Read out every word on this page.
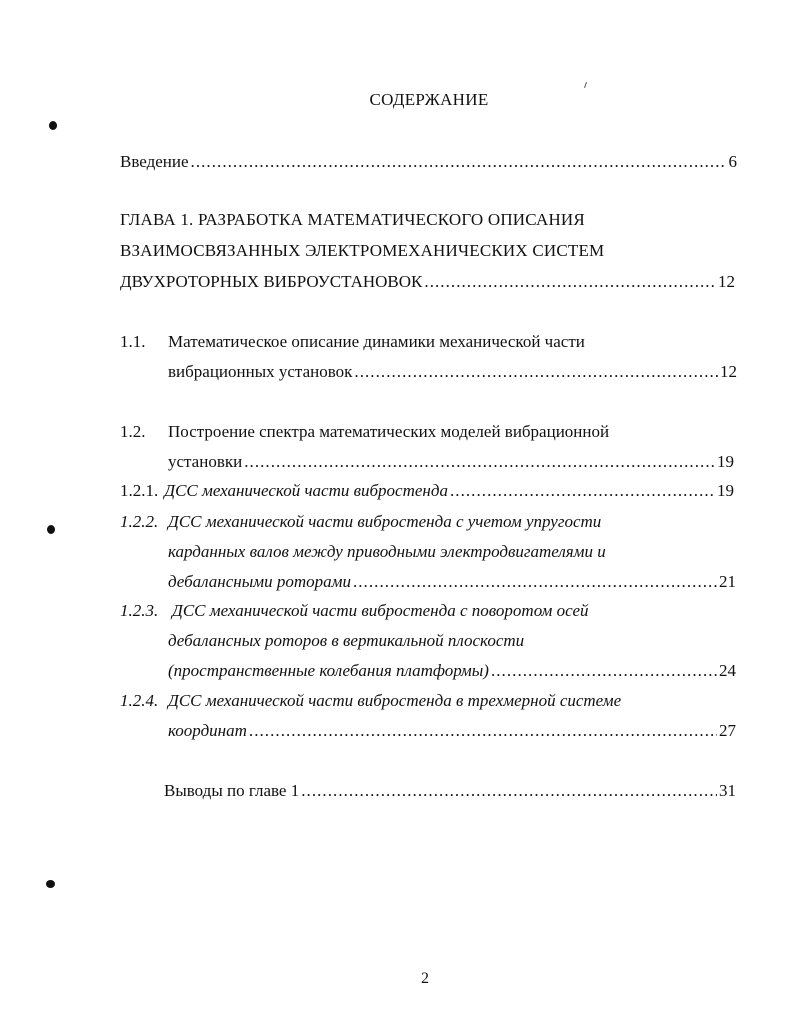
СОДЕРЖАНИЕ
Введение . . .	6
ГЛАВА 1. РАЗРАБОТКА МАТЕМАТИЧЕСКОГО ОПИСАНИЯ
ВЗАИМОСВЯЗАННЫХ ЭЛЕКТРОМЕХАНИЧЕСКИХ СИСТЕМ
ДВУХРОТОРНЫХ ВИБРОУСТАНОВОК . . .	12
1.1. Математическое описание динамики механической части
вибрационных установок . . .	12
1.2. Построение спектра математических моделей вибрационной
установки . . .	19
1.2.1. ДСС механической части вибростенда . . .	19
1.2.2. ДСС механической части вибростенда с учетом упругости
карданных валов между приводными электродвигателями и
дебалансными роторами . . .	21
1.2.3. ДСС механической части вибростенда с поворотом осей
дебалансных роторов в вертикальной плоскости
(пространственные колебания платформы) . . .	24
1.2.4. ДСС механической части вибростенда в трехмерной системе
координат . . .	27
Выводы по главе 1 . . .	31
2
